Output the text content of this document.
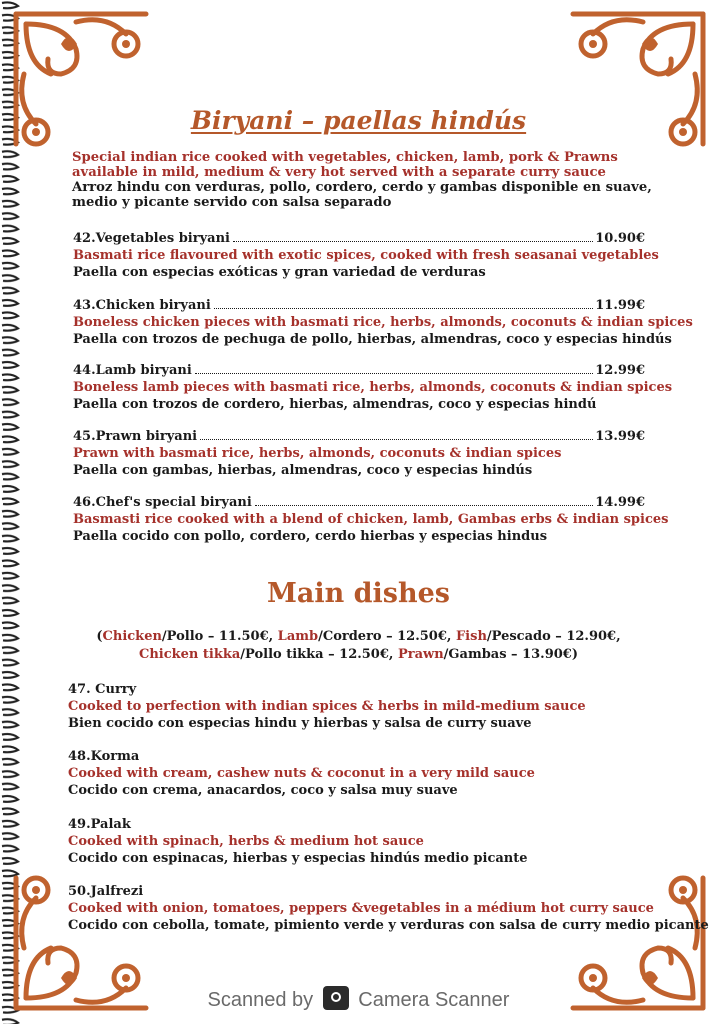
Biryani – paellas hindús
Special indian rice cooked with vegetables, chicken, lamb, pork & Prawns
available in mild, medium & very hot served with a separate curry sauce
Arroz hindu con verduras, pollo, cordero, cerdo y gambas disponible en suave,
medio y picante servido con salsa separado
42.Vegetables biryani	10.90€
Basmati rice flavoured with exotic spices, cooked with fresh seasanai vegetables
Paella con especias exóticas y gran variedad de verduras
43.Chicken biryani	11.99€
Boneless chicken pieces with basmati rice, herbs, almonds, coconuts & indian spices
Paella con trozos de pechuga de pollo, hierbas, almendras, coco y especias hindús
44.Lamb biryani	12.99€
Boneless lamb pieces with basmati rice, herbs, almonds, coconuts & indian spices
Paella con trozos de cordero, hierbas, almendras, coco y especias hindú
45.Prawn biryani	13.99€
Prawn with basmati rice, herbs, almonds, coconuts & indian spices
Paella con gambas, hierbas, almendras, coco y especias hindús
46.Chef's special biryani	14.99€
Basmasti rice cooked with a blend of chicken, lamb, Gambas erbs & indian spices
Paella cocido con pollo, cordero, cerdo hierbas y especias hindus
Main dishes
(Chicken/Pollo – 11.50€, Lamb/Cordero – 12.50€, Fish/Pescado – 12.90€,
Chicken tikka/Pollo tikka – 12.50€, Prawn/Gambas – 13.90€)
47. Curry
Cooked to perfection with indian spices & herbs in mild-medium sauce
Bien cocido con especias hindu y hierbas y salsa de curry suave
48.Korma
Cooked with cream, cashew nuts & coconut in a very mild sauce
Cocido con crema, anacardos, coco y salsa muy suave
49.Palak
Cooked with spinach, herbs & medium hot sauce
Cocido con espinacas, hierbas y especias hindús medio picante
50.Jalfrezi
Cooked with onion, tomatoes, peppers &vegetables in a médium hot curry sauce
Cocido con cebolla, tomate, pimiento verde y verduras con salsa de curry medio picante
Scanned by Camera Scanner
